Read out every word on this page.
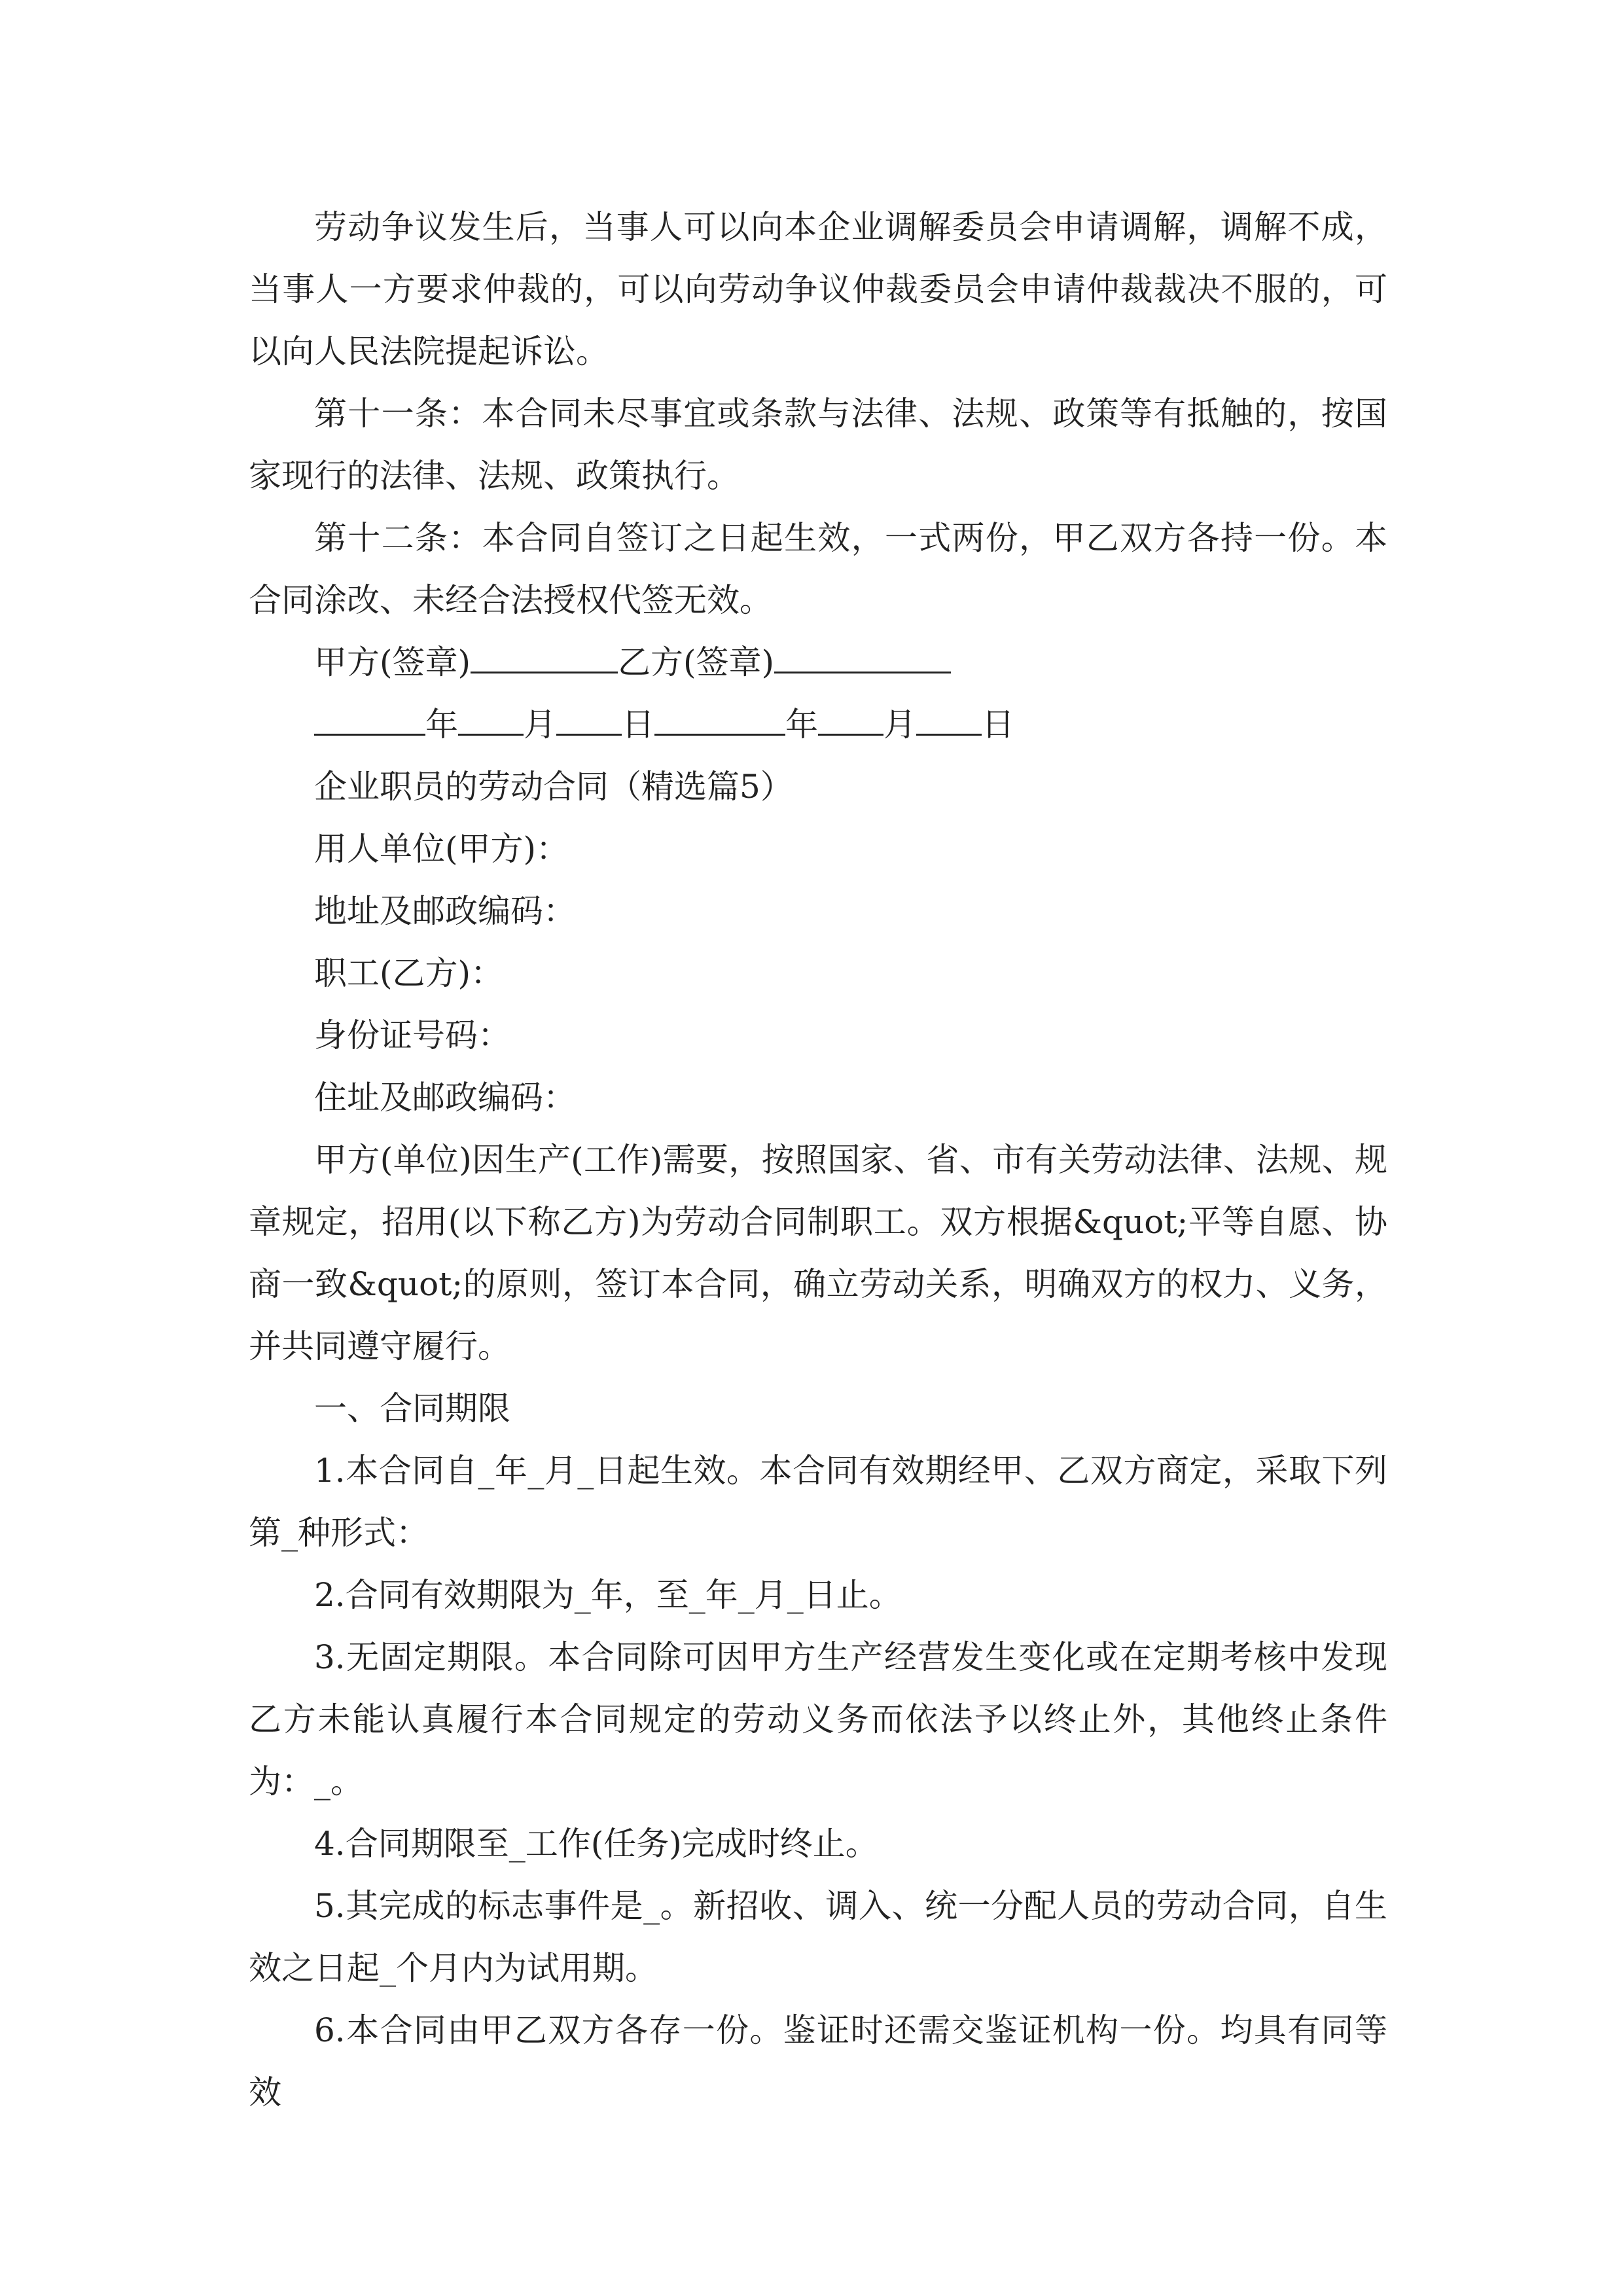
劳动争议发生后，当事人可以向本企业调解委员会申请调解，调解不成，当事人一方要求仲裁的，可以向劳动争议仲裁委员会申请仲裁裁决不服的，可以向人民法院提起诉讼。

第十一条：本合同未尽事宜或条款与法律、法规、政策等有抵触的，按国家现行的法律、法规、政策执行。

第十二条：本合同自签订之日起生效，一式两份，甲乙双方各持一份。本合同涂改、未经合法授权代签无效。

甲方(签章)	乙方(签章)
年 月 日	年 月 日

企业职员的劳动合同（精选篇5）

用人单位(甲方)：

地址及邮政编码：

职工(乙方)：

身份证号码：

住址及邮政编码：

甲方(单位)因生产(工作)需要，按照国家、省、市有关劳动法律、法规、规章规定，招用(以下称乙方)为劳动合同制职工。双方根据&quot;平等自愿、协商一致&quot;的原则，签订本合同，确立劳动关系，明确双方的权力、义务，并共同遵守履行。

一、合同期限

1.本合同自_年_月_日起生效。本合同有效期经甲、乙双方商定，采取下列第_种形式：

2.合同有效期限为_年，至_年_月_日止。

3.无固定期限。本合同除可因甲方生产经营发生变化或在定期考核中发现乙方未能认真履行本合同规定的劳动义务而依法予以终止外，其他终止条件为：_。

4.合同期限至_工作(任务)完成时终止。

5.其完成的标志事件是_。新招收、调入、统一分配人员的劳动合同，自生效之日起_个月内为试用期。

6.本合同由甲乙双方各存一份。鉴证时还需交鉴证机构一份。均具有同等效
